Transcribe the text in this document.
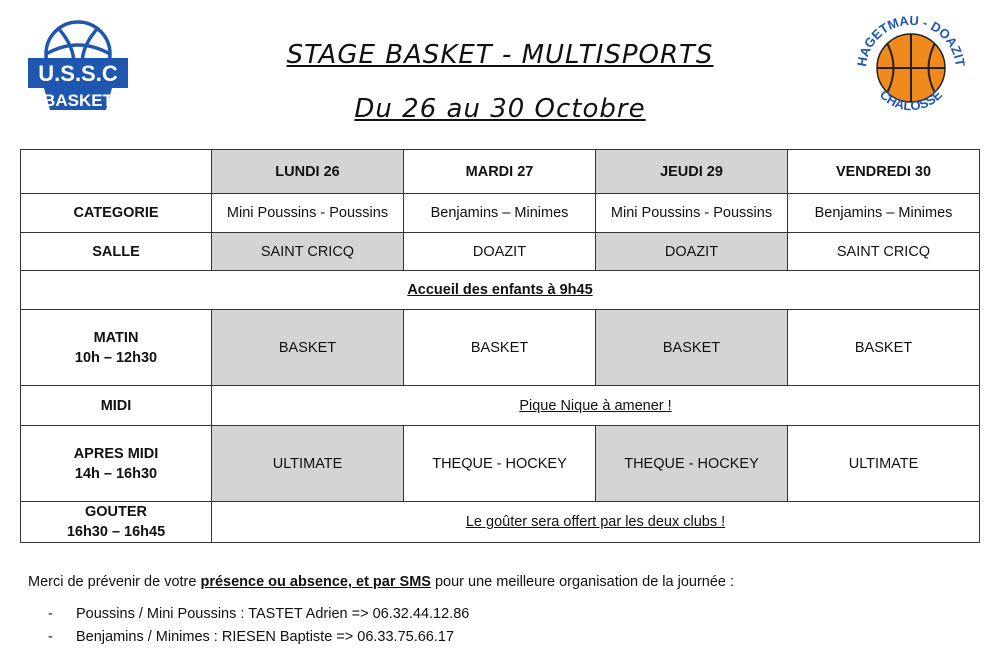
U.S.S.C
BASKET
HAGETMAU - DOAZIT
CHALOSSE
STAGE BASKET - MULTISPORTS
Du 26 au 30 Octobre
	LUNDI 26	MARDI 27	JEUDI 29	VENDREDI 30
CATEGORIE	Mini Poussins - Poussins	Benjamins – Minimes	Mini Poussins - Poussins	Benjamins – Minimes
SALLE	SAINT CRICQ	DOAZIT	DOAZIT	SAINT CRICQ
Accueil des enfants à 9h45				

MATIN
10h – 12h30	BASKET	BASKET	BASKET	BASKET
MIDI	Pique Nique à amener !			

APRES MIDI
14h – 16h30	ULTIMATE	THEQUE - HOCKEY	THEQUE - HOCKEY	ULTIMATE

GOUTER
16h30 – 16h45	Le goûter sera offert par les deux clubs !			
Merci de prévenir de votre présence ou absence, et par SMS pour une meilleure organisation de la journée :
-	Poussins / Mini Poussins : TASTET Adrien => 06.32.44.12.86
-	Benjamins / Minimes : RIESEN Baptiste => 06.33.75.66.17
